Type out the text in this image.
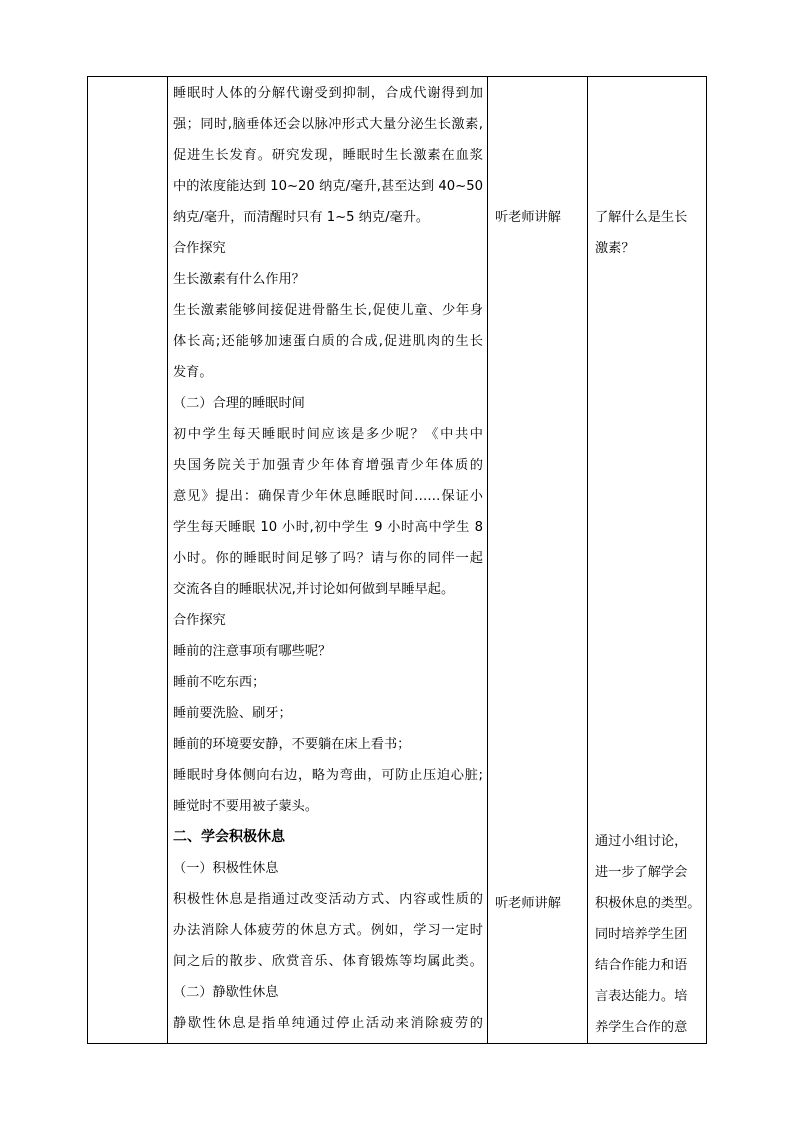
睡眠时人体的分解代谢受到抑制，合成代谢得到加
强；同时,脑垂体还会以脉冲形式大量分泌生长激素,
促进生长发育。研究发现，睡眠时生长激素在血浆
中的浓度能达到 10~20 纳克/毫升,甚至达到 40~50
纳克/毫升，而清醒时只有 1~5 纳克/毫升。
合作探究
生长激素有什么作用？
生长激素能够间接促进骨骼生长,促使儿童、少年身
体长高;还能够加速蛋白质的合成,促进肌肉的生长
发育。
（二）合理的睡眠时间
初中学生每天睡眠时间应该是多少呢？《中共中
央国务院关于加强青少年体育增强青少年体质的
意见》提出：确保青少年休息睡眠时间……保证小
学生每天睡眠 10 小时,初中学生 9 小时高中学生 8
小时。你的睡眠时间足够了吗？请与你的同伴一起
交流各自的睡眠状况,并讨论如何做到早睡早起。
合作探究
睡前的注意事项有哪些呢？
睡前不吃东西；
睡前要洗脸、刷牙；
睡前的环境要安静，不要躺在床上看书；
睡眠时身体侧向右边，略为弯曲，可防止压迫心脏;
睡觉时不要用被子蒙头。
二、学会积极休息
（一）积极性休息
积极性休息是指通过改变活动方式、内容或性质的
办法消除人体疲劳的休息方式。例如，学习一定时
间之后的散步、欣赏音乐、体育锻炼等均属此类。
（二）静歇性休息
静歇性休息是指单纯通过停止活动来消除疲劳的
听老师讲解
听老师讲解
了解什么是生长
激素？
通过小组讨论，
进一步了解学会
积极休息的类型。
同时培养学生团
结合作能力和语
言表达能力。培
养学生合作的意
